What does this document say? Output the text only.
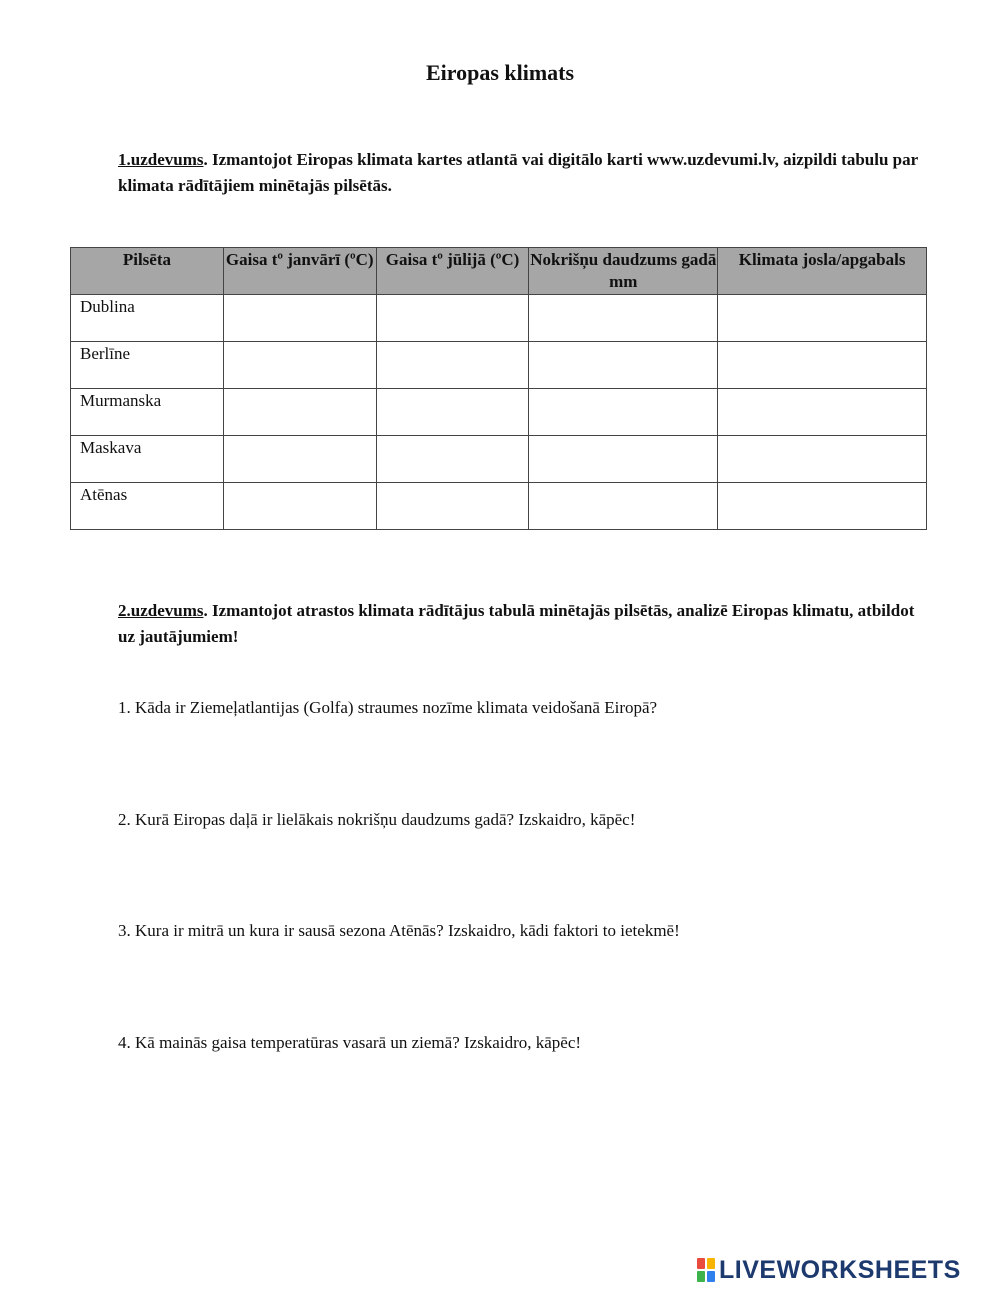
Eiropas klimats
1.uzdevums. Izmantojot Eiropas klimata kartes atlantā vai digitālo karti www.uzdevumi.lv, aizpildi tabulu par klimata rādītājiem minētajās pilsētās.
Pilsēta	Gaisa tº janvārī (ºC)	Gaisa tº jūlijā (ºC)	Nokrišņu daudzums gadā mm	Klimata josla/apgabals
Dublina				
Berlīne				
Murmanska				
Maskava				
Atēnas				
2.uzdevums. Izmantojot atrastos klimata rādītājus tabulā minētajās pilsētās, analizē Eiropas klimatu, atbildot uz jautājumiem!
1. Kāda ir Ziemeļatlantijas (Golfa) straumes nozīme klimata veidošanā Eiropā?
2. Kurā Eiropas daļā ir lielākais nokrišņu daudzums gadā? Izskaidro, kāpēc!
3. Kura ir mitrā un kura ir sausā sezona Atēnās? Izskaidro, kādi faktori to ietekmē!
4. Kā mainās gaisa temperatūras vasarā un ziemā? Izskaidro, kāpēc!
LIVEWORKSHEETS
